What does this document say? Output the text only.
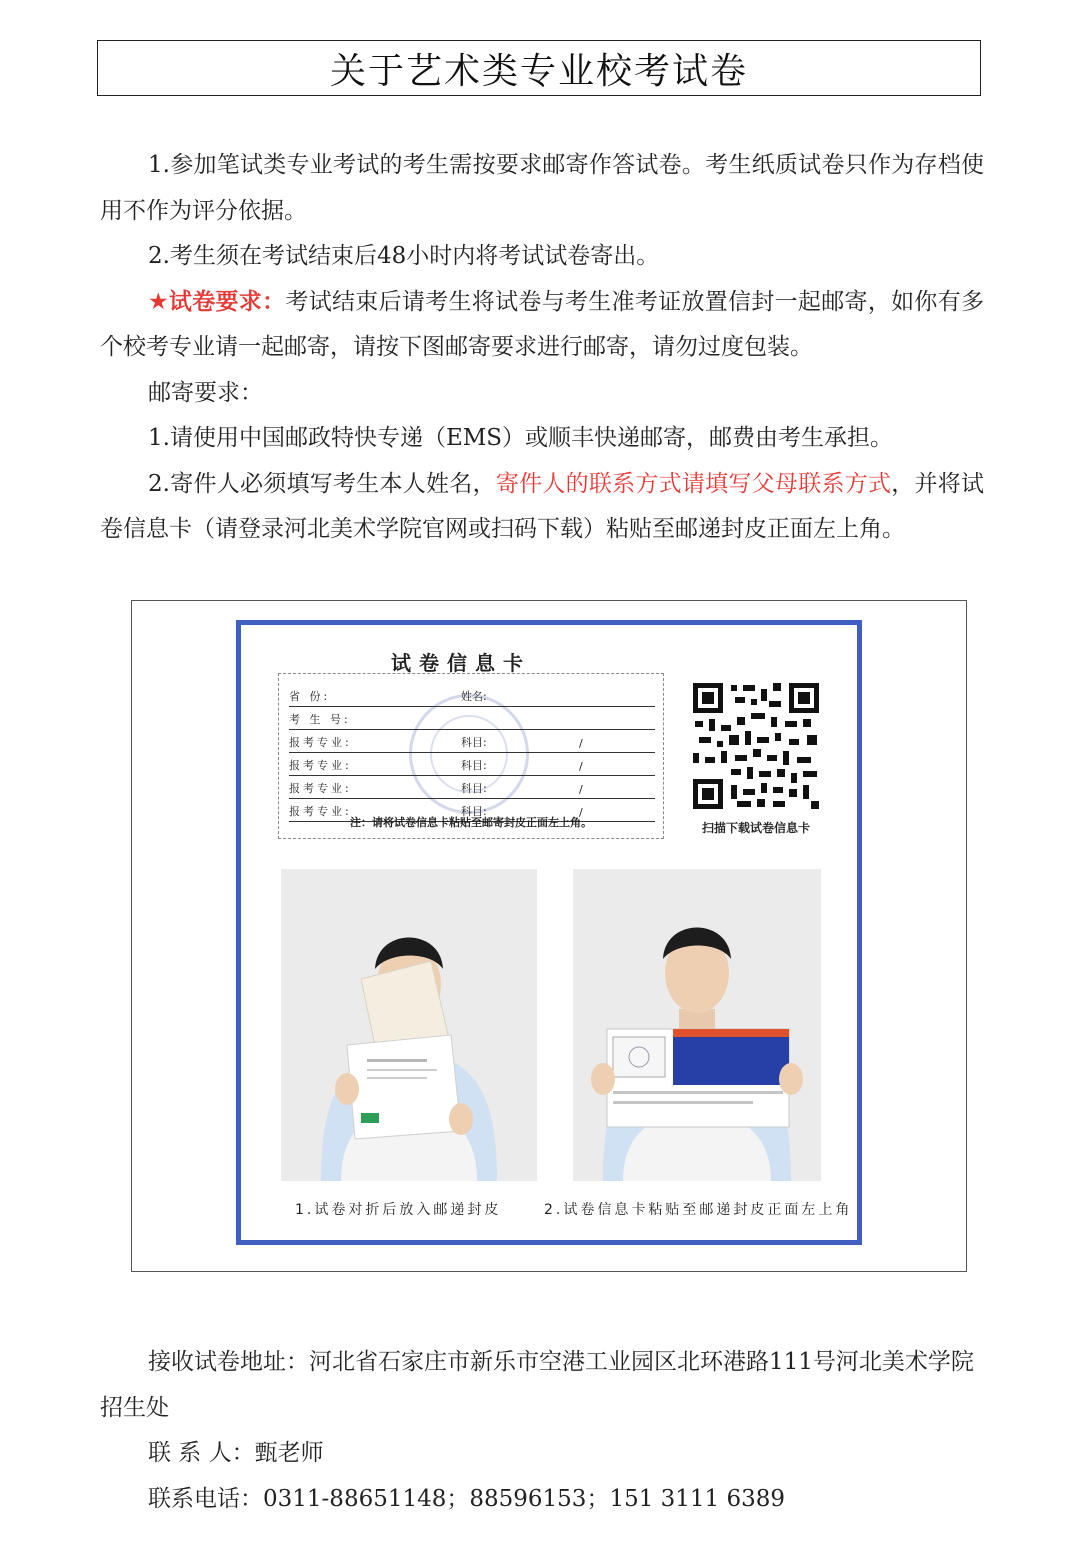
关于艺术类专业校考试卷

1.参加笔试类专业考试的考生需按要求邮寄作答试卷。考生纸质试卷只作为存档使用不作为评分依据。

2.考生须在考试结束后48小时内将考试试卷寄出。

★试卷要求：考试结束后请考生将试卷与考生准考证放置信封一起邮寄，如你有多个校考专业请一起邮寄，请按下图邮寄要求进行邮寄，请勿过度包装。

邮寄要求：

1.请使用中国邮政特快专递（EMS）或顺丰快递邮寄，邮费由考生承担。

2.寄件人必须填写考生本人姓名，寄件人的联系方式请填写父母联系方式，并将试卷信息卡（请登录河北美术学院官网或扫码下载）粘贴至邮递封皮正面左上角。

试卷信息卡
省 份:	姓名:
考 生 号:
报考专业:	科目:	/
报考专业:	科目:	/
报考专业:	科目:	/
报考专业:	科目:	/
注：请将试卷信息卡粘贴至邮寄封皮正面左上角。	扫描下载试卷信息卡
1.试卷对折后放入邮递封皮	2.试卷信息卡粘贴至邮递封皮正面左上角

接收试卷地址：河北省石家庄市新乐市空港工业园区北环港路111号河北美术学院招生处

联 系 人：甄老师

联系电话：0311-88651148；88596153；151 3111 6389
